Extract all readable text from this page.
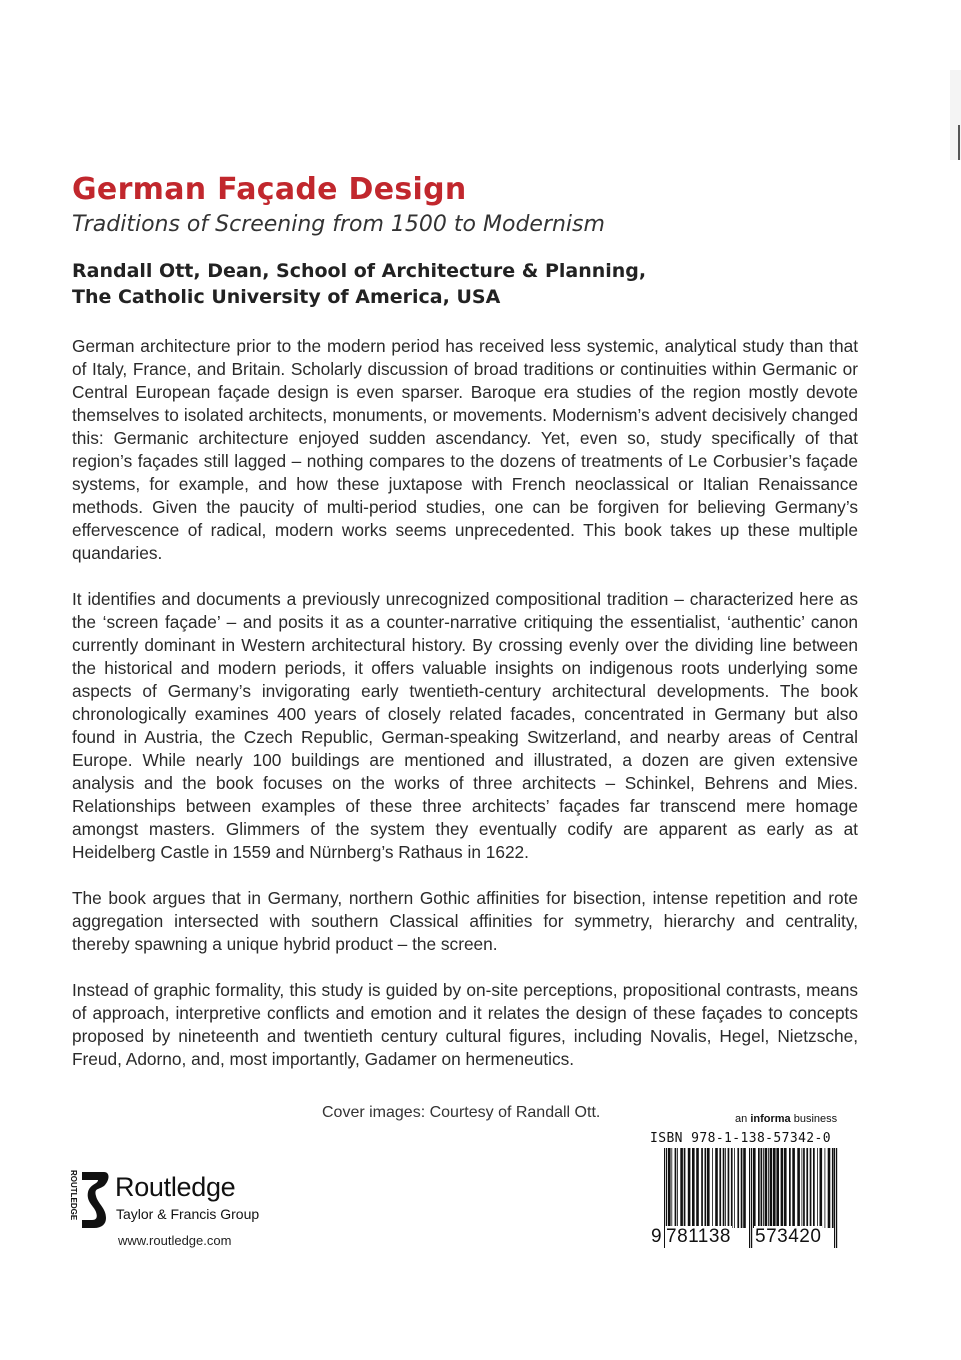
German Façade Design
Traditions of Screening from 1500 to Modernism
Randall Ott, Dean, School of Architecture & Planning,
The Catholic University of America, USA

German architecture prior to the modern period has received less systemic, analytical study than that of Italy, France, and Britain. Scholarly discussion of broad traditions or continuities within Germanic or Central European façade design is even sparser. Baroque era studies of the region mostly devote themselves to isolated architects, monuments, or movements. Modernism’s advent decisively changed this: Germanic architecture enjoyed sudden ascendancy. Yet, even so, study specifically of that region’s façades still lagged – nothing compares to the dozens of treatments of Le Corbusier’s façade systems, for example, and how these juxtapose with French neoclassical or Italian Renaissance methods. Given the paucity of multi-period studies, one can be forgiven for believing Germany’s effervescence of radical, modern works seems unprecedented. This book takes up these multiple quandaries.

It identifies and documents a previously unrecognized compositional tradition – characterized here as the ‘screen façade’ – and posits it as a counter-narrative critiquing the essentialist, ‘authentic’ canon currently dominant in Western architectural history. By crossing evenly over the dividing line between the historical and modern periods, it offers valuable insights on indigenous roots underlying some aspects of Germany’s invigorating early twentieth-century architectural developments. The book chronologically examines 400 years of closely related facades, concentrated in Germany but also found in Austria, the Czech Republic, German-speaking Switzerland, and nearby areas of Central Europe. While nearly 100 buildings are mentioned and illustrated, a dozen are given extensive analysis and the book focuses on the works of three architects – Schinkel, Behrens and Mies. Relationships between examples of these three architects’ façades far transcend mere homage amongst masters. Glimmers of the system they eventually codify are apparent as early as at Heidelberg Castle in 1559 and Nürnberg’s Rathaus in 1622.

The book argues that in Germany, northern Gothic affinities for bisection, intense repetition and rote aggregation intersected with southern Classical affinities for symmetry, hierarchy and centrality, thereby spawning a unique hybrid product – the screen.

Instead of graphic formality, this study is guided by on-site perceptions, propositional contrasts, means of approach, interpretive conflicts and emotion and it relates the design of these façades to concepts proposed by nineteenth and twentieth century cultural figures, including Novalis, Hegel, Nietzsche, Freud, Adorno, and, most importantly, Gadamer on hermeneutics.

Cover images: Courtesy of Randall Ott.	an informa business
ISBN 978-1-138-57342-0
9 781138 573420
ROUTLEDGE Routledge
Taylor & Francis Group
www.routledge.com
